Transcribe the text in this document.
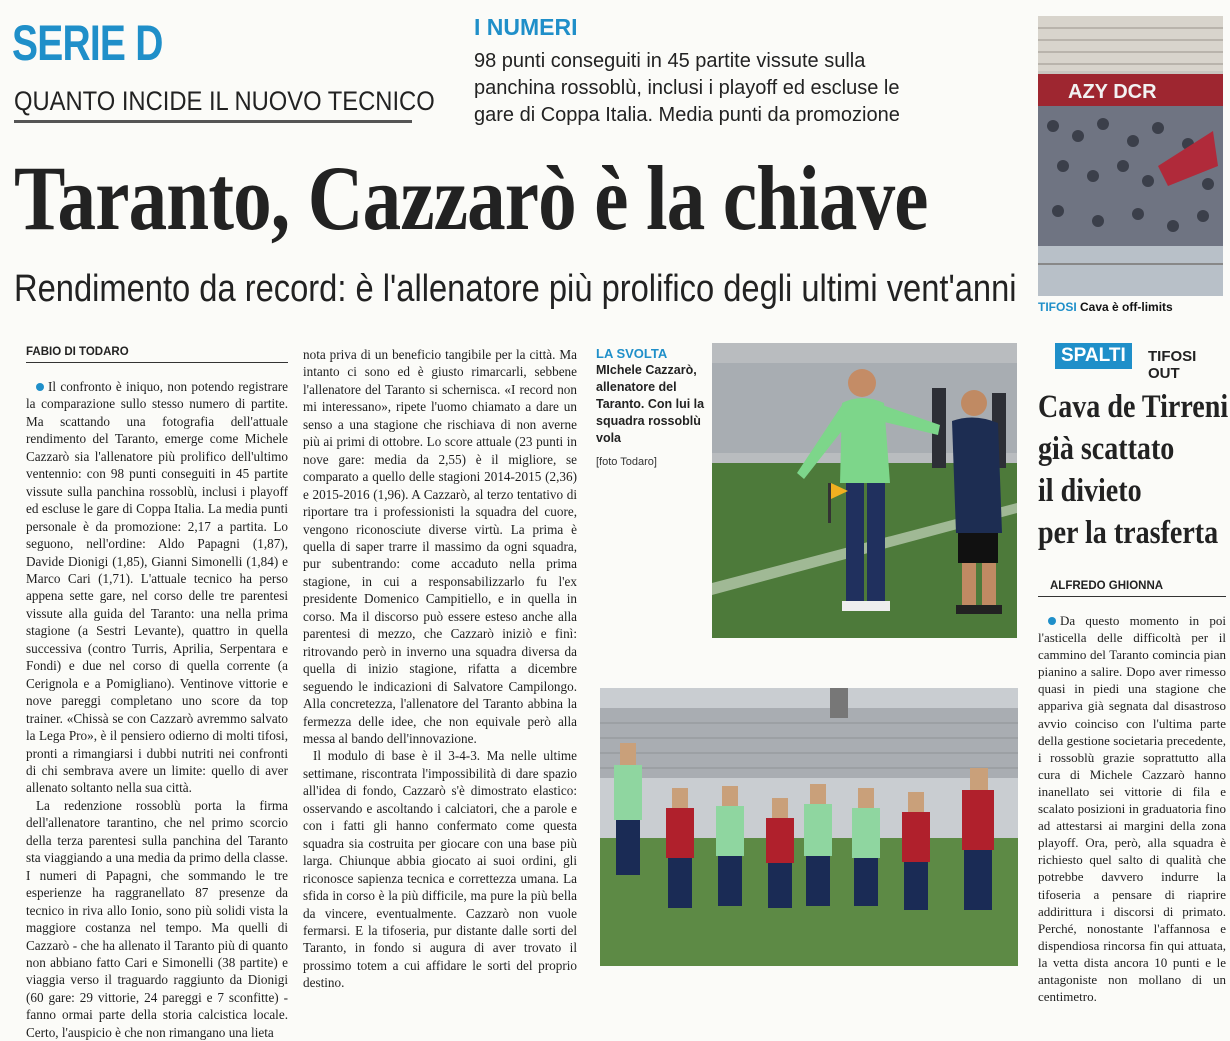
SERIE D
QUANTO INCIDE IL NUOVO TECNICO
I NUMERI
98 punti conseguiti in 45 partite vissute sulla panchina rossoblù, inclusi i playoff ed escluse le gare di Coppa Italia. Media punti da promozione
Taranto, Cazzarò è la chiave
Rendimento da record: è l'allenatore più prolifico degli ultimi vent'anni
AZY DCR
TIFOSI Cava è off-limits
FABIO DI TODARO

Il confronto è iniquo, non potendo registrare la comparazione sullo stesso numero di partite. Ma scattando una fotografia dell'attuale rendimento del Taranto, emerge come Michele Cazzarò sia l'allenatore più prolifico dell'ultimo ventennio: con 98 punti conseguiti in 45 partite vissute sulla panchina rossoblù, inclusi i playoff ed escluse le gare di Coppa Italia. La media punti personale è da promozione: 2,17 a partita. Lo seguono, nell'ordine: Aldo Papagni (1,87), Davide Dionigi (1,85), Gianni Simonelli (1,84) e Marco Cari (1,71). L'attuale tecnico ha perso appena sette gare, nel corso delle tre parentesi vissute alla guida del Taranto: una nella prima stagione (a Sestri Levante), quattro in quella successiva (contro Turris, Aprilia, Serpentara e Fondi) e due nel corso di quella corrente (a Cerignola e a Pomigliano). Ventinove vittorie e nove pareggi completano uno score da top trainer. «Chissà se con Cazzarò avremmo salvato la Lega Pro», è il pensiero odierno di molti tifosi, pronti a rimangiarsi i dubbi nutriti nei confronti di chi sembrava avere un limite: quello di aver allenato soltanto nella sua città.

La redenzione rossoblù porta la firma dell'allenatore tarantino, che nel primo scorcio della terza parentesi sulla panchina del Taranto sta viaggiando a una media da primo della classe. I numeri di Papagni, che sommando le tre esperienze ha raggranellato 87 presenze da tecnico in riva allo Ionio, sono più solidi vista la maggiore costanza nel tempo. Ma quelli di Cazzarò - che ha allenato il Taranto più di quanto non abbiano fatto Cari e Simonelli (38 partite) e viaggia verso il traguardo raggiunto da Dionigi (60 gare: 29 vittorie, 24 pareggi e 7 sconfitte) - fanno ormai parte della storia calcistica locale. Certo, l'auspicio è che non rimangano una lieta

nota priva di un beneficio tangibile per la città. Ma intanto ci sono ed è giusto rimarcarli, sebbene l'allenatore del Taranto si schernisca. «I record non mi interessano», ripete l'uomo chiamato a dare un senso a una stagione che rischiava di non averne più ai primi di ottobre. Lo score attuale (23 punti in nove gare: media da 2,55) è il migliore, se comparato a quello delle stagioni 2014-2015 (2,36) e 2015-2016 (1,96). A Cazzarò, al terzo tentativo di riportare tra i professionisti la squadra del cuore, vengono riconosciute diverse virtù. La prima è quella di saper trarre il massimo da ogni squadra, pur subentrando: come accaduto nella prima stagione, in cui a responsabilizzarlo fu l'ex presidente Domenico Campitiello, e in quella in corso. Ma il discorso può essere esteso anche alla parentesi di mezzo, che Cazzarò iniziò e finì: ritrovando però in inverno una squadra diversa da quella di inizio stagione, rifatta a dicembre seguendo le indicazioni di Salvatore Campilongo. Alla concretezza, l'allenatore del Taranto abbina la fermezza delle idee, che non equivale però alla messa al bando dell'innovazione.

Il modulo di base è il 3-4-3. Ma nelle ultime settimane, riscontrata l'impossibilità di dare spazio all'idea di fondo, Cazzarò s'è dimostrato elastico: osservando e ascoltando i calciatori, che a parole e con i fatti gli hanno confermato come questa squadra sia costruita per giocare con una base più larga. Chiunque abbia giocato ai suoi ordini, gli riconosce sapienza tecnica e correttezza umana. La sfida in corso è la più difficile, ma pure la più bella da vincere, eventualmente. Cazzarò non vuole fermarsi. E la tifoseria, pur distante dalle sorti del Taranto, in fondo si augura di aver trovato il prossimo totem a cui affidare le sorti del proprio destino.

LA SVOLTA
MIchele Cazzarò, allenatore del Taranto. Con lui la squadra rossoblù vola
[foto Todaro]
SPALTI	TIFOSI OUT
Cava de Tirreni
già scattato
il divieto
per la trasferta
ALFREDO GHIONNA

Da questo momento in poi l'asticella delle difficoltà per il cammino del Taranto comincia pian pianino a salire. Dopo aver rimesso quasi in piedi una stagione che appariva già segnata dal disastroso avvio coinciso con l'ultima parte della gestione societaria precedente, i rossoblù grazie soprattutto alla cura di Michele Cazzarò hanno inanellato sei vittorie di fila e scalato posizioni in graduatoria fino ad attestarsi ai margini della zona playoff. Ora, però, alla squadra è richiesto quel salto di qualità che potrebbe davvero indurre la tifoseria a pensare di riaprire addirittura i discorsi di primato. Perché, nonostante l'affannosa e dispendiosa rincorsa fin qui attuata, la vetta dista ancora 10 punti e le antagoniste non mollano di un centimetro.
